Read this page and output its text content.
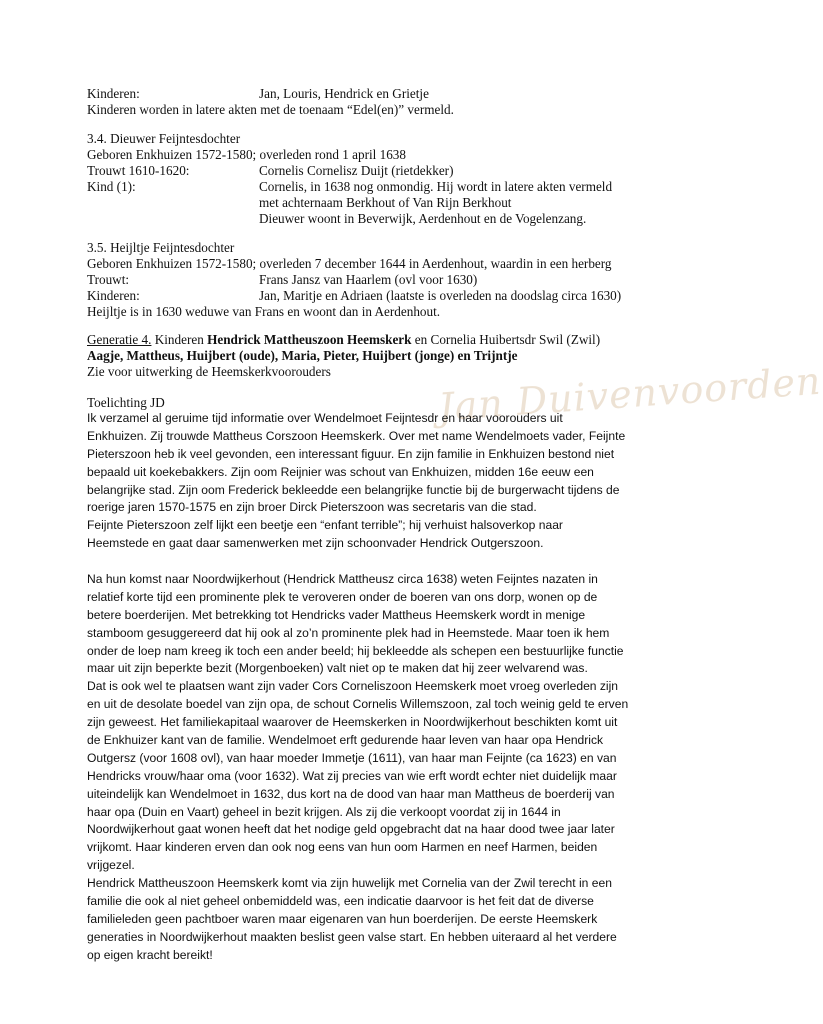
Jan Duivenvoorden
Kinderen:	Jan, Louris, Hendrick en Grietje
Kinderen worden in latere akten met de toenaam “Edel(en)” vermeld.
3.4. Dieuwer Feijntesdochter
Geboren Enkhuizen 1572-1580; overleden rond 1 april 1638
Trouwt 1610-1620:	Cornelis Cornelisz Duijt (rietdekker)
Kind (1):	Cornelis, in 1638 nog onmondig. Hij wordt in latere akten vermeld
met achternaam Berkhout of Van Rijn Berkhout
Dieuwer woont in Beverwijk, Aerdenhout en de Vogelenzang.
3.5. Heijltje Feijntesdochter
Geboren Enkhuizen 1572-1580; overleden 7 december 1644 in Aerdenhout, waardin in een herberg
Trouwt:	Frans Jansz van Haarlem (ovl voor 1630)
Kinderen:	Jan, Maritje en Adriaen (laatste is overleden na doodslag circa 1630)
Heijltje is in 1630 weduwe van Frans en woont dan in Aerdenhout.
Generatie 4. Kinderen Hendrick Mattheuszoon Heemskerk en Cornelia Huibertsdr Swil (Zwil)
Aagje, Mattheus, Huijbert (oude), Maria, Pieter, Huijbert (jonge) en Trijntje
Zie voor uitwerking de Heemskerkvoorouders
Toelichting JD
Ik verzamel al geruime tijd informatie over Wendelmoet Feijntesdr en haar voorouders uit
Enkhuizen. Zij trouwde Mattheus Corszoon Heemskerk. Over met name Wendelmoets vader, Feijnte
Pieterszoon heb ik veel gevonden, een interessant figuur. En zijn familie in Enkhuizen bestond niet
bepaald uit koekebakkers. Zijn oom Reijnier was schout van Enkhuizen, midden 16e eeuw een
belangrijke stad. Zijn oom Frederick bekleedde een belangrijke functie bij de burgerwacht tijdens de
roerige jaren 1570-1575 en zijn broer Dirck Pieterszoon was secretaris van die stad.
Feijnte Pieterszoon zelf lijkt een beetje een “enfant terrible”; hij verhuist halsoverkop naar
Heemstede en gaat daar samenwerken met zijn schoonvader Hendrick Outgerszoon.

Na hun komst naar Noordwijkerhout (Hendrick Mattheusz circa 1638) weten Feijntes nazaten in
relatief korte tijd een prominente plek te veroveren onder de boeren van ons dorp, wonen op de
betere boerderijen. Met betrekking tot Hendricks vader Mattheus Heemskerk wordt in menige
stamboom gesuggereerd dat hij ook al zo’n prominente plek had in Heemstede. Maar toen ik hem
onder de loep nam kreeg ik toch een ander beeld; hij bekleedde als schepen een bestuurlijke functie
maar uit zijn beperkte bezit (Morgenboeken) valt niet op te maken dat hij zeer welvarend was.
Dat is ook wel te plaatsen want zijn vader Cors Corneliszoon Heemskerk moet vroeg overleden zijn
en uit de desolate boedel van zijn opa, de schout Cornelis Willemszoon, zal toch weinig geld te erven
zijn geweest. Het familiekapitaal waarover de Heemskerken in Noordwijkerhout beschikten komt uit
de Enkhuizer kant van de familie. Wendelmoet erft gedurende haar leven van haar opa Hendrick
Outgersz (voor 1608 ovl), van haar moeder Immetje (1611), van haar man Feijnte (ca 1623) en van
Hendricks vrouw/haar oma (voor 1632). Wat zij precies van wie erft wordt echter niet duidelijk maar
uiteindelijk kan Wendelmoet in 1632, dus kort na de dood van haar man Mattheus de boerderij van
haar opa (Duin en Vaart) geheel in bezit krijgen. Als zij die verkoopt voordat zij in 1644 in
Noordwijkerhout gaat wonen heeft dat het nodige geld opgebracht dat na haar dood twee jaar later
vrijkomt. Haar kinderen erven dan ook nog eens van hun oom Harmen en neef Harmen, beiden
vrijgezel.
Hendrick Mattheuszoon Heemskerk komt via zijn huwelijk met Cornelia van der Zwil terecht in een
familie die ook al niet geheel onbemiddeld was, een indicatie daarvoor is het feit dat de diverse
familieleden geen pachtboer waren maar eigenaren van hun boerderijen. De eerste Heemskerk
generaties in Noordwijkerhout maakten beslist geen valse start. En hebben uiteraard al het verdere
op eigen kracht bereikt!
